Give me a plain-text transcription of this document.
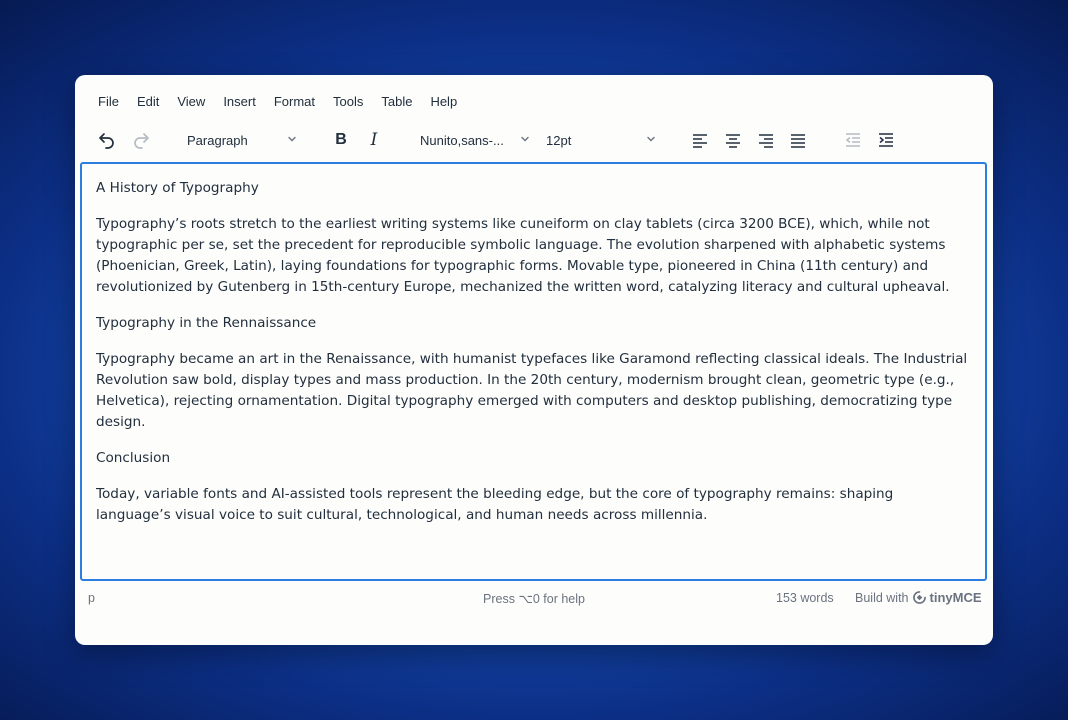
File	Edit	View	Insert	Format	Tools	Table	Help
Paragraph	B	I	Nunito,sans-...	12pt

A History of Typography

Typography’s roots stretch to the earliest writing systems like cuneiform on clay tablets (circa 3200 BCE), which, while not typographic per se, set the precedent for reproducible symbolic language. The evolution sharpened with alphabetic systems (Phoenician, Greek, Latin), laying foundations for typographic forms. Movable type, pioneered in China (11th century) and revolutionized by Gutenberg in 15th-century Europe, mechanized the written word, catalyzing literacy and cultural upheaval.

Typography in the Rennaissance

Typography became an art in the Renaissance, with humanist typefaces like Garamond reflecting classical ideals. The Industrial Revolution saw bold, display types and mass production. In the 20th century, modernism brought clean, geometric type (e.g., Helvetica), rejecting ornamentation. Digital typography emerged with computers and desktop publishing, democratizing type design.

Conclusion

Today, variable fonts and AI-assisted tools represent the bleeding edge, but the core of typography remains: shaping language’s visual voice to suit cultural, technological, and human needs across millennia.

p	Press ⌥0 for help	153 words Build with tinyMCE
